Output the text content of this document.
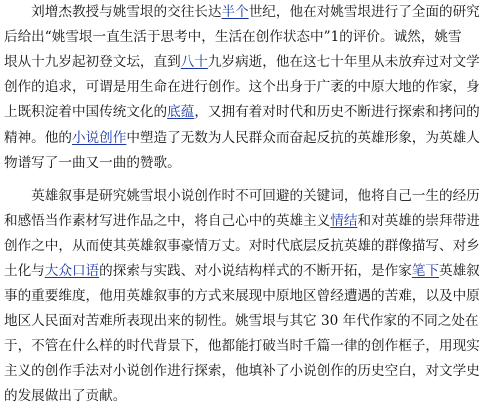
　　刘增杰教授与姚雪垠的交往长达半个世纪，他在对姚雪垠进行了全面的研究
后给出“姚雪垠一直生活于思考中，生活在创作状态中”1的评价。诚然，姚雪
垠从十九岁起初登文坛，直到八十九岁病逝，他在这七十年里从未放弃过对文学
创作的追求，可谓是用生命在进行创作。这个出身于广袤的中原大地的作家，身
上既积淀着中国传统文化的底蕴，又拥有着对时代和历史不断进行探索和拷问的
精神。他的小说创作中塑造了无数为人民群众而奋起反抗的英雄形象，为英雄人
物谱写了一曲又一曲的赞歌。
　　英雄叙事是研究姚雪垠小说创作时不可回避的关键词，他将自己一生的经历
和感悟当作素材写进作品之中，将自己心中的英雄主义情结和对英雄的崇拜带进
创作之中，从而使其英雄叙事豪情万丈。对时代底层反抗英雄的群像描写、对乡
土化与大众口语的探索与实践、对小说结构样式的不断开拓，是作家笔下英雄叙
事的重要维度，他用英雄叙事的方式来展现中原地区曾经遭遇的苦难，以及中原
地区人民面对苦难所表现出来的韧性。姚雪垠与其它 30 年代作家的不同之处在
于，不管在什么样的时代背景下，他都能打破当时千篇一律的创作框子，用现实
主义的创作手法对小说创作进行探索，他填补了小说创作的历史空白，对文学史
的发展做出了贡献。
